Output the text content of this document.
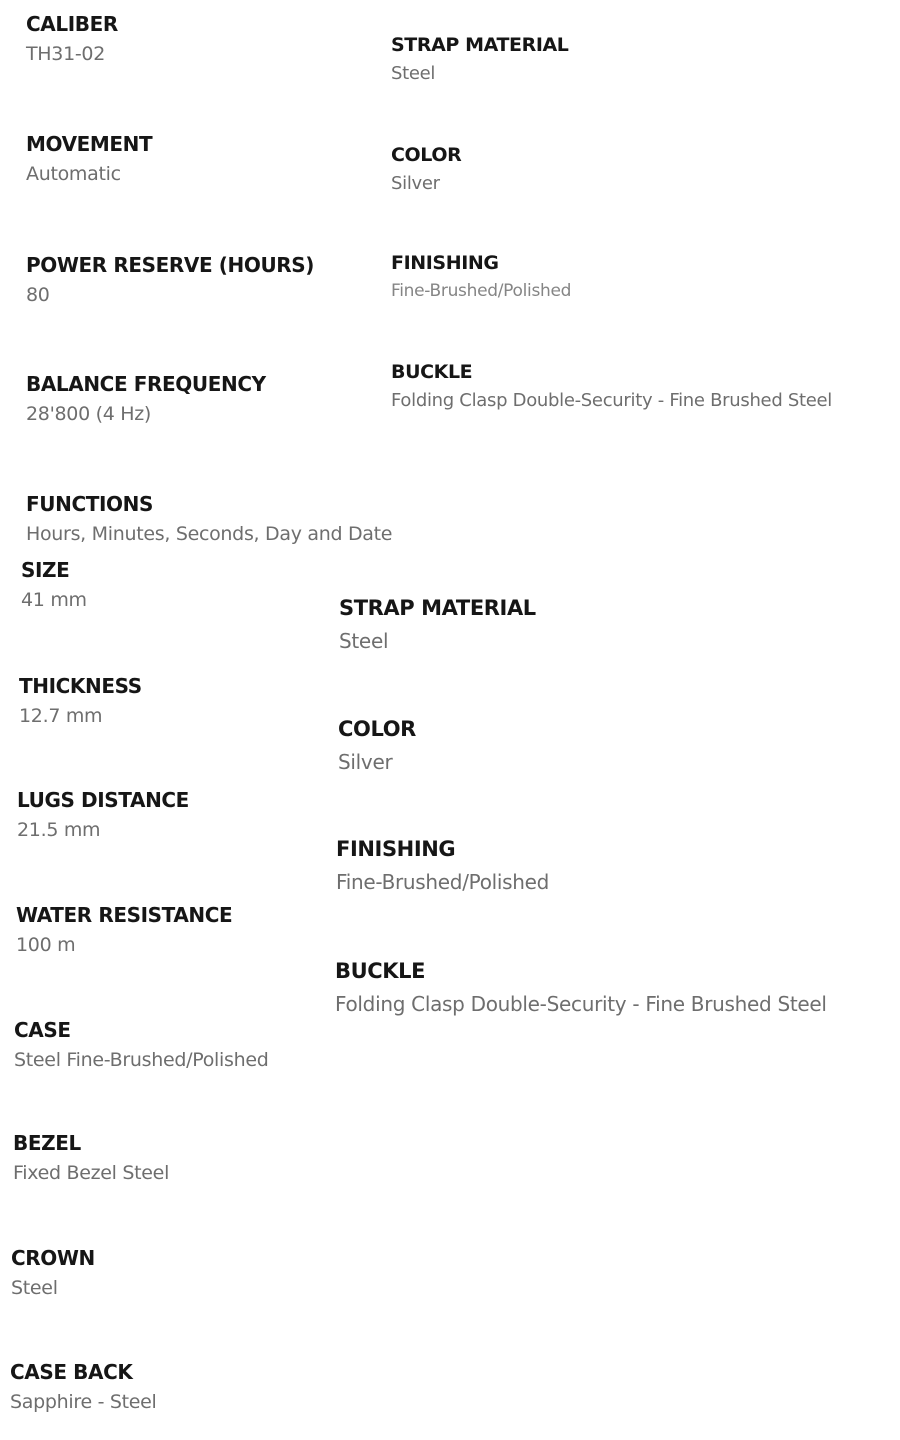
CALIBER
TH31-02
MOVEMENT
Automatic
POWER RESERVE (HOURS)
80
BALANCE FREQUENCY
28'800 (4 Hz)
FUNCTIONS
Hours, Minutes, Seconds, Day and Date
STRAP MATERIAL
Steel
COLOR
Silver
FINISHING
Fine-Brushed/Polished
BUCKLE
Folding Clasp Double-Security - Fine Brushed Steel
SIZE
41 mm
THICKNESS
12.7 mm
LUGS DISTANCE
21.5 mm
WATER RESISTANCE
100 m
CASE
Steel Fine-Brushed/Polished
BEZEL
Fixed Bezel Steel
CROWN
Steel
CASE BACK
Sapphire - Steel
STRAP MATERIAL
Steel
COLOR
Silver
FINISHING
Fine-Brushed/Polished
BUCKLE
Folding Clasp Double-Security - Fine Brushed Steel
